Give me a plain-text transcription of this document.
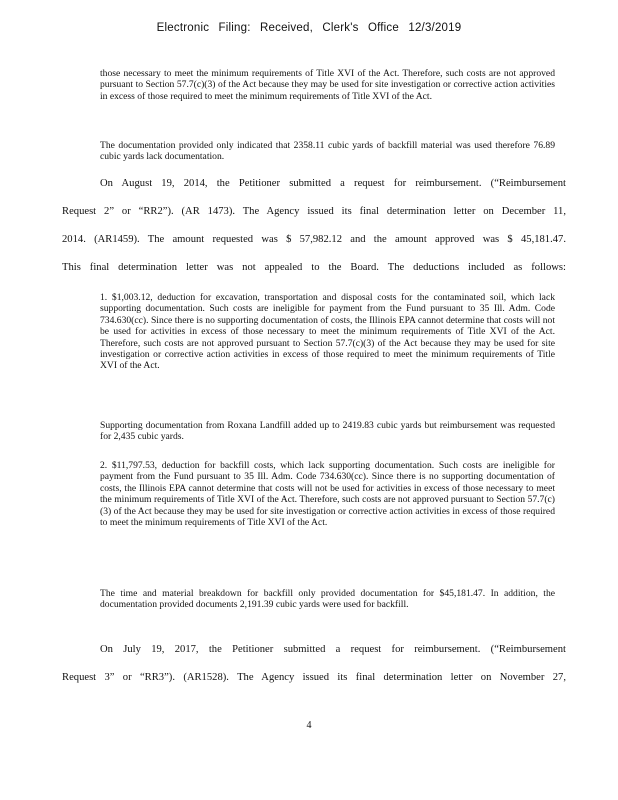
Electronic Filing: Received, Clerk's Office 12/3/2019
those necessary to meet the minimum requirements of Title XVI of the Act. Therefore, such costs are not approved pursuant to Section 57.7(c)(3) of the Act because they may be used for site investigation or corrective action activities in excess of those required to meet the minimum requirements of Title XVI of the Act.
The documentation provided only indicated that 2358.11 cubic yards of backfill material was used therefore 76.89 cubic yards lack documentation.
On August 19, 2014, the Petitioner submitted a request for reimbursement. (“Reimbursement
Request 2” or “RR2”). (AR 1473). The Agency issued its final determination letter on December 11,
2014. (AR1459). The amount requested was $ 57,982.12 and the amount approved was $ 45,181.47.
This final determination letter was not appealed to the Board. The deductions included as follows:
1. $1,003.12, deduction for excavation, transportation and disposal costs for the contaminated soil, which lack supporting documentation. Such costs are ineligible for payment from the Fund pursuant to 35 Ill. Adm. Code 734.630(cc). Since there is no supporting documentation of costs, the Illinois EPA cannot determine that costs will not be used for activities in excess of those necessary to meet the minimum requirements of Title XVI of the Act. Therefore, such costs are not approved pursuant to Section 57.7(c)(3) of the Act because they may be used for site investigation or corrective action activities in excess of those required to meet the minimum requirements of Title XVI of the Act.
Supporting documentation from Roxana Landfill added up to 2419.83 cubic yards but reimbursement was requested for 2,435 cubic yards.
2. $11,797.53, deduction for backfill costs, which lack supporting documentation. Such costs are ineligible for payment from the Fund pursuant to 35 Ill. Adm. Code 734.630(cc). Since there is no supporting documentation of costs, the Illinois EPA cannot determine that costs will not be used for activities in excess of those necessary to meet the minimum requirements of Title XVI of the Act. Therefore, such costs are not approved pursuant to Section 57.7(c)(3) of the Act because they may be used for site investigation or corrective action activities in excess of those required to meet the minimum requirements of Title XVI of the Act.
The time and material breakdown for backfill only provided documentation for $45,181.47. In addition, the documentation provided documents 2,191.39 cubic yards were used for backfill.
On July 19, 2017, the Petitioner submitted a request for reimbursement. (“Reimbursement
Request 3” or “RR3”). (AR1528). The Agency issued its final determination letter on November 27,
4
